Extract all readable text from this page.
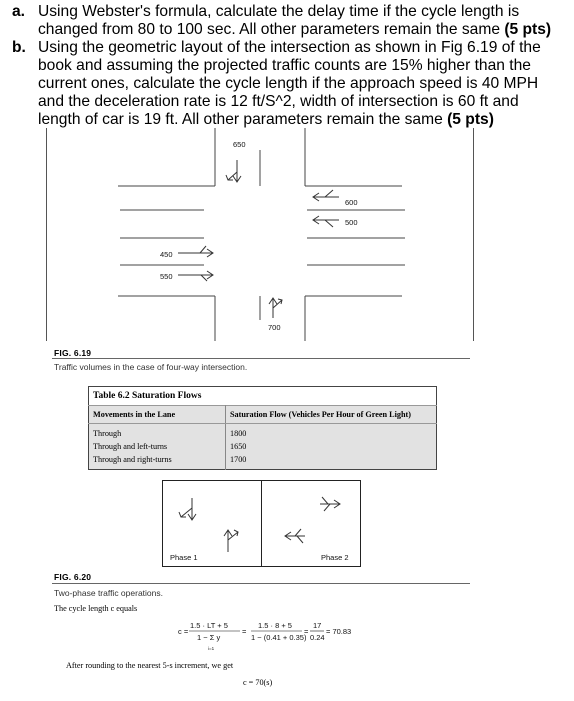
a. Using Webster's formula, calculate the delay time if the cycle length is
changed from 80 to 100 sec. All other parameters remain the same (5 pts)
b. Using the geometric layout of the intersection as shown in Fig 6.19 of the
book and assuming the projected traffic counts are 15% higher than the
current ones, calculate the cycle length if the approach speed is 40 MPH
and the deceleration rate is 12 ft/S^2, width of intersection is 60 ft and
length of car is 19 ft. All other parameters remain the same (5 pts)
650
600
500
450
550
700
FIG. 6.19
Traffic volumes in the case of four-way intersection.
Table 6.2 Saturation Flows	
Movements in the Lane	Saturation Flow (Vehicles Per Hour of Green Light)
Through	1800
Through and left-turns	1650
Through and right-turns	1700
Phase 1	Phase 2
FIG. 6.20
Two-phase traffic operations.
The cycle length c equals
c =
1.5 · LT + 5
1 − Σ y
i=1
=
1.5 · 8 + 5
1 − (0.41 + 0.35)
=
17
0.24
= 70.83
After rounding to the nearest 5-s increment, we get
c = 70(s)
